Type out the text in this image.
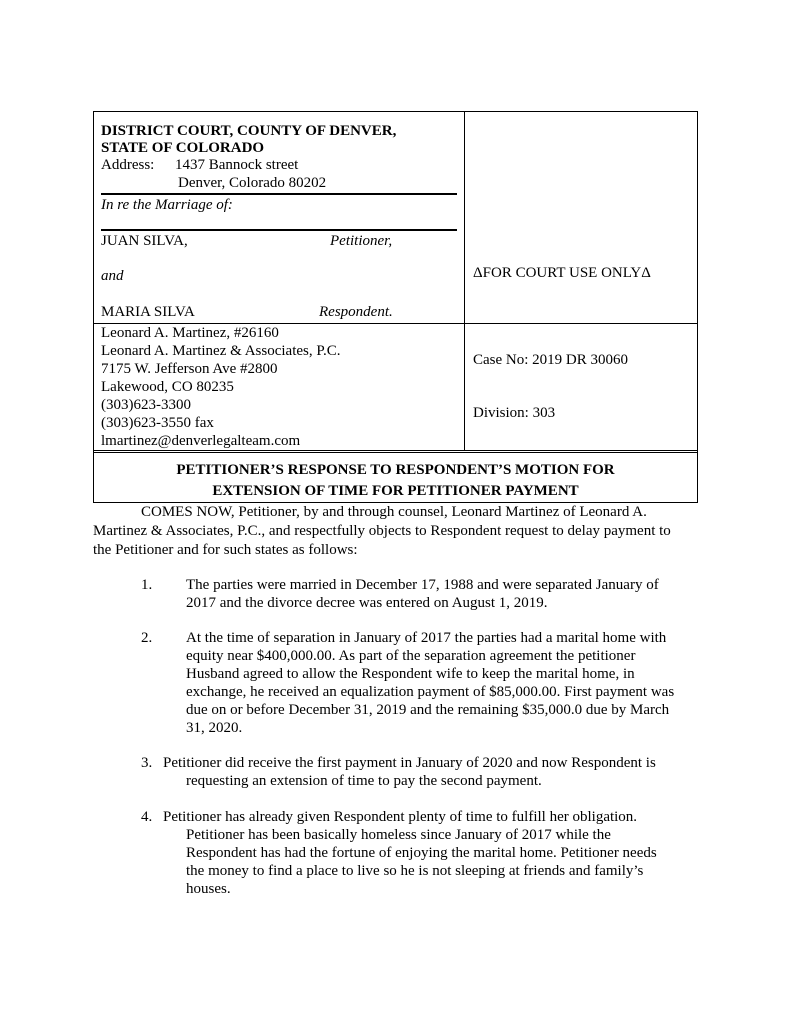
DISTRICT COURT, COUNTY OF DENVER,
STATE OF COLORADO
Address: 1437 Bannock street
Denver, Colorado 80202
In re the Marriage of:
JUAN SILVA,	Petitioner,
and
MARIA SILVA	Respondent.
ΔFOR COURT USE ONLYΔ
Leonard A. Martinez, #26160
Leonard A. Martinez & Associates, P.C.
7175 W. Jefferson Ave #2800
Lakewood, CO 80235
(303)623-3300
(303)623-3550 fax
lmartinez@denverlegalteam.com
Case No: 2019 DR 30060
Division: 303
PETITIONER’S RESPONSE TO RESPONDENT’S MOTION FOR
EXTENSION OF TIME FOR PETITIONER PAYMENT
COMES NOW, Petitioner, by and through counsel, Leonard Martinez of Leonard A.
Martinez & Associates, P.C., and respectfully objects to Respondent request to delay payment to
the Petitioner and for such states as follows:
1. The parties were married in December 17, 1988 and were separated January of
2017 and the divorce decree was entered on August 1, 2019.
2. At the time of separation in January of 2017 the parties had a marital home with
equity near $400,000.00. As part of the separation agreement the petitioner
Husband agreed to allow the Respondent wife to keep the marital home, in
exchange, he received an equalization payment of $85,000.00. First payment was
due on or before December 31, 2019 and the remaining $35,000.0 due by March
31, 2020.
3. Petitioner did receive the first payment in January of 2020 and now Respondent is
requesting an extension of time to pay the second payment.
4. Petitioner has already given Respondent plenty of time to fulfill her obligation.
Petitioner has been basically homeless since January of 2017 while the
Respondent has had the fortune of enjoying the marital home. Petitioner needs
the money to find a place to live so he is not sleeping at friends and family’s
houses.
